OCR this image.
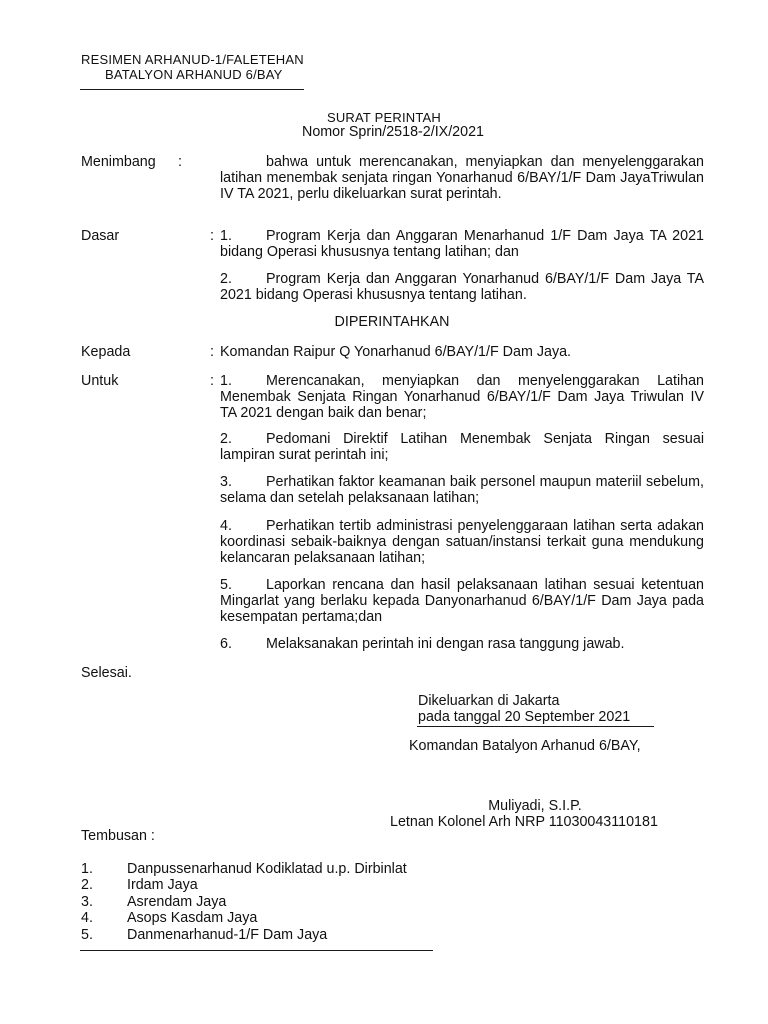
RESIMEN ARHANUD-1/FALETEHAN
BATALYON ARHANUD 6/BAY
SURAT PERINTAH
Nomor Sprin/2518-2/IX/2021
Menimbang :	bahwa untuk merencanakan, menyiapkan dan menyelenggarakan latihan menembak senjata ringan Yonarhanud 6/BAY/1/F Dam JayaTriwulan IV TA 2021, perlu dikeluarkan surat perintah.
Dasar	: 1. Program Kerja dan Anggaran Menarhanud 1/F Dam Jaya TA 2021 bidang Operasi khususnya tentang latihan; dan
2. Program Kerja dan Anggaran Yonarhanud 6/BAY/1/F Dam Jaya TA 2021 bidang Operasi khususnya tentang latihan.
DIPERINTAHKAN
Kepada	: Komandan Raipur Q Yonarhanud 6/BAY/1/F Dam Jaya.
Untuk	: 1. Merencanakan, menyiapkan dan menyelenggarakan Latihan Menembak Senjata Ringan Yonarhanud 6/BAY/1/F Dam Jaya Triwulan IV TA 2021 dengan baik dan benar;
2. Pedomani Direktif Latihan Menembak Senjata Ringan sesuai lampiran surat perintah ini;
3. Perhatikan faktor keamanan baik personel maupun materiil sebelum, selama dan setelah pelaksanaan latihan;
4. Perhatikan tertib administrasi penyelenggaraan latihan serta adakan koordinasi sebaik-baiknya dengan satuan/instansi terkait guna mendukung kelancaran pelaksanaan latihan;
5. Laporkan rencana dan hasil pelaksanaan latihan sesuai ketentuan Mingarlat yang berlaku kepada Danyonarhanud 6/BAY/1/F Dam Jaya pada kesempatan pertama;dan
6. Melaksanakan perintah ini dengan rasa tanggung jawab.
Selesai.
Dikeluarkan di Jakarta
pada tanggal 20 September 2021
Komandan Batalyon Arhanud 6/BAY,
Muliyadi, S.I.P.
Letnan Kolonel Arh NRP 11030043110181
Tembusan :
1. Danpussenarhanud Kodiklatad u.p. Dirbinlat
2. Irdam Jaya
3. Asrendam Jaya
4. Asops Kasdam Jaya
5. Danmenarhanud-1/F Dam Jaya
